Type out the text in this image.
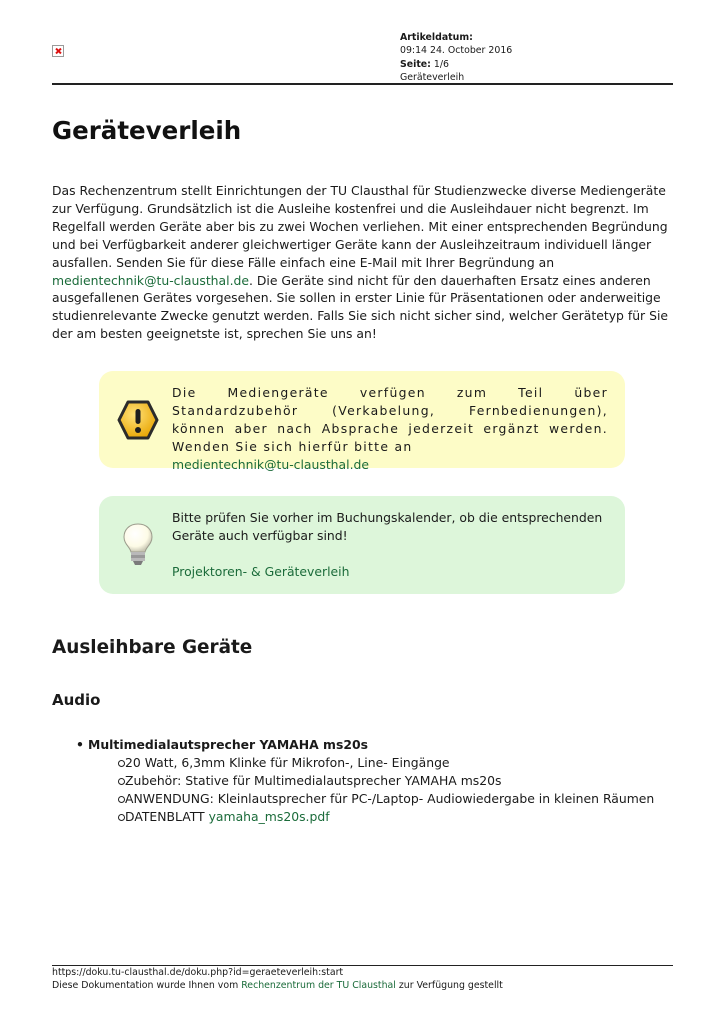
Artikeldatum:
09:14 24. October 2016
Seite: 1/6
Geräteverleih
Geräteverleih

Das Rechenzentrum stellt Einrichtungen der TU Clausthal für Studienzwecke diverse Mediengeräte zur Verfügung. Grundsätzlich ist die Ausleihe kostenfrei und die Ausleihdauer nicht begrenzt. Im Regelfall werden Geräte aber bis zu zwei Wochen verliehen. Mit einer entsprechenden Begründung und bei Verfügbarkeit anderer gleichwertiger Geräte kann der Ausleihzeitraum individuell länger ausfallen. Senden Sie für diese Fälle einfach eine E-Mail mit Ihrer Begründung an medientechnik@tu-clausthal.de. Die Geräte sind nicht für den dauerhaften Ersatz eines anderen ausgefallenen Gerätes vorgesehen. Sie sollen in erster Linie für Präsentationen oder anderweitige studienrelevante Zwecke genutzt werden. Falls Sie sich nicht sicher sind, welcher Gerätetyp für Sie der am besten geeignetste ist, sprechen Sie uns an!

Die Mediengeräte verfügen zum Teil über Standardzubehör (Verkabelung, Fernbedienungen), können aber nach Absprache jederzeit ergänzt werden. Wenden Sie sich hierfür bitte an
medientechnik@tu-clausthal.de
Bitte prüfen Sie vorher im Buchungskalender, ob die entsprechenden Geräte auch verfügbar sind!
Projektoren- & Geräteverleih
Ausleihbare Geräte
Audio
• Multimedialautsprecher YAMAHA ms20s
20 Watt, 6,3mm Klinke für Mikrofon-, Line- Eingänge
Zubehör: Stative für Multimedialautsprecher YAMAHA ms20s
ANWENDUNG: Kleinlautsprecher für PC-/Laptop- Audiowiedergabe in kleinen Räumen
DATENBLATT yamaha_ms20s.pdf
https://doku.tu-clausthal.de/doku.php?id=geraeteverleih:start
Diese Dokumentation wurde Ihnen vom Rechenzentrum der TU Clausthal zur Verfügung gestellt
